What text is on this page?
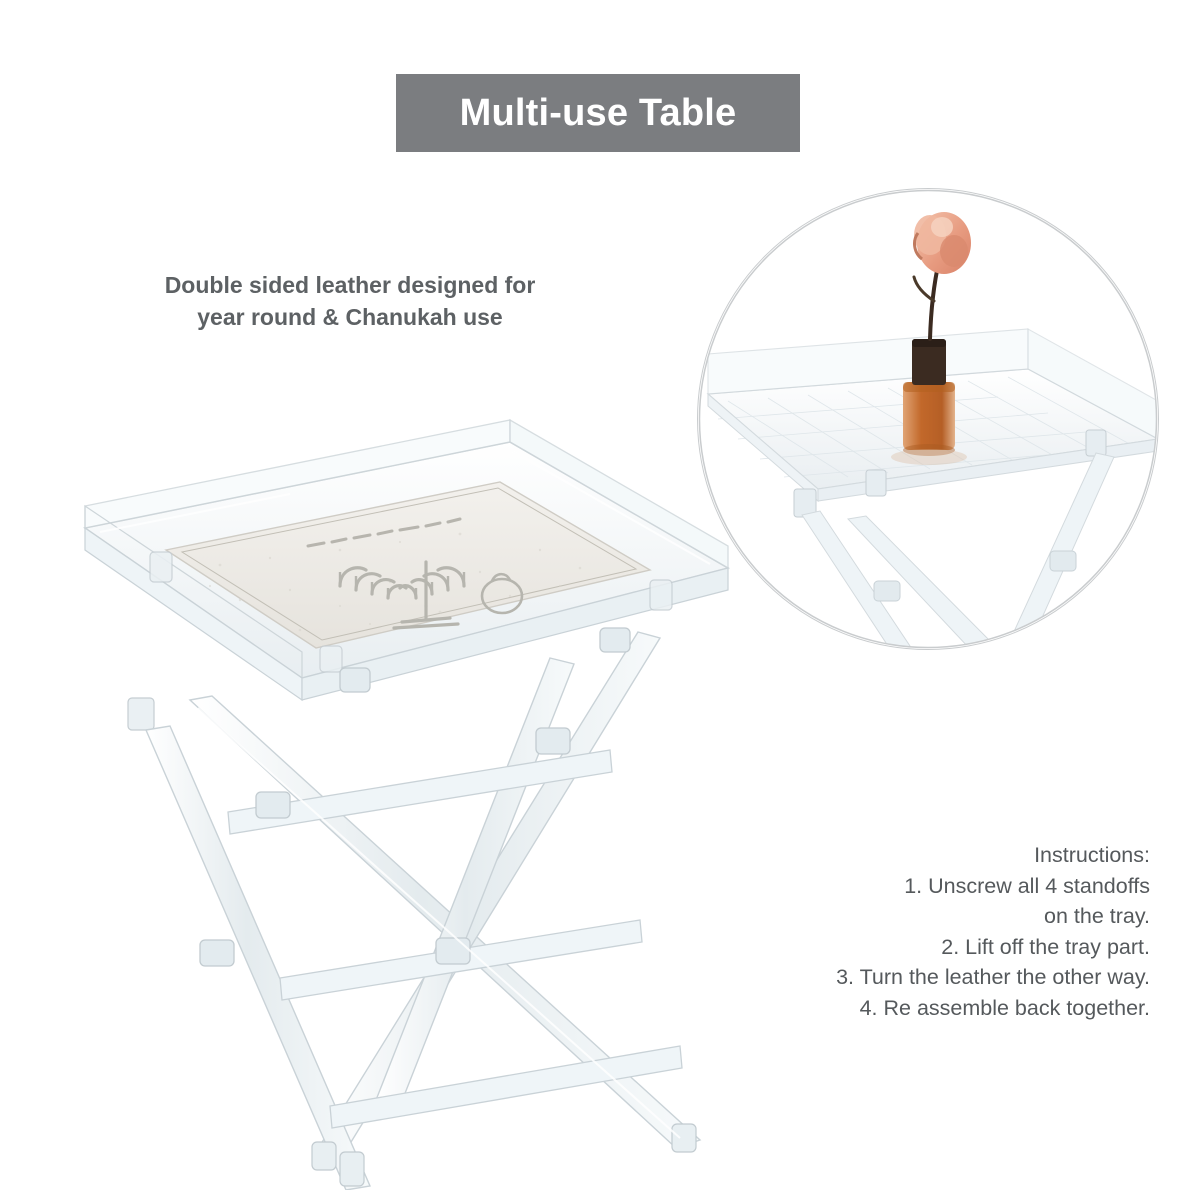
Multi-use Table
Double sided leather designed for year round & Chanukah use
Instructions:
1. Unscrew all 4 standoffs
on the tray.
2. Lift off the tray part.
3. Turn the leather the other way.
4. Re assemble back together.
